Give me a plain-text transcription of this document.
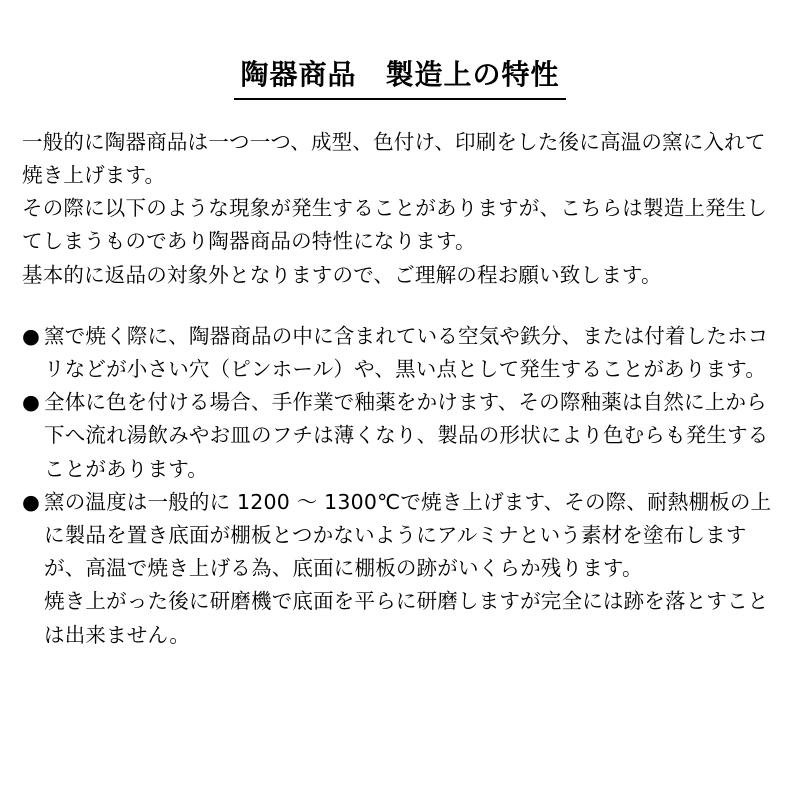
陶器商品　製造上の特性

一般的に陶器商品は一つ一つ、成型、色付け、印刷をした後に高温の窯に入れて焼き上げます。

その際に以下のような現象が発生することがありますが、こちらは製造上発生してしまうものであり陶器商品の特性になります。

基本的に返品の対象外となりますので、ご理解の程お願い致します。

● 窯で焼く際に、陶器商品の中に含まれている空気や鉄分、または付着したホコリなどが小さい穴（ピンホール）や、黒い点として発生することがあります。
● 全体に色を付ける場合、手作業で釉薬をかけます、その際釉薬は自然に上から下へ流れ湯飲みやお皿のフチは薄くなり、製品の形状により色むらも発生することがあります。
● 窯の温度は一般的に 1200 ～ 1300℃で焼き上げます、その際、耐熱棚板の上に製品を置き底面が棚板とつかないようにアルミナという素材を塗布しますが、高温で焼き上げる為、底面に棚板の跡がいくらか残ります。

焼き上がった後に研磨機で底面を平らに研磨しますが完全には跡を落とすことは出来ません。
